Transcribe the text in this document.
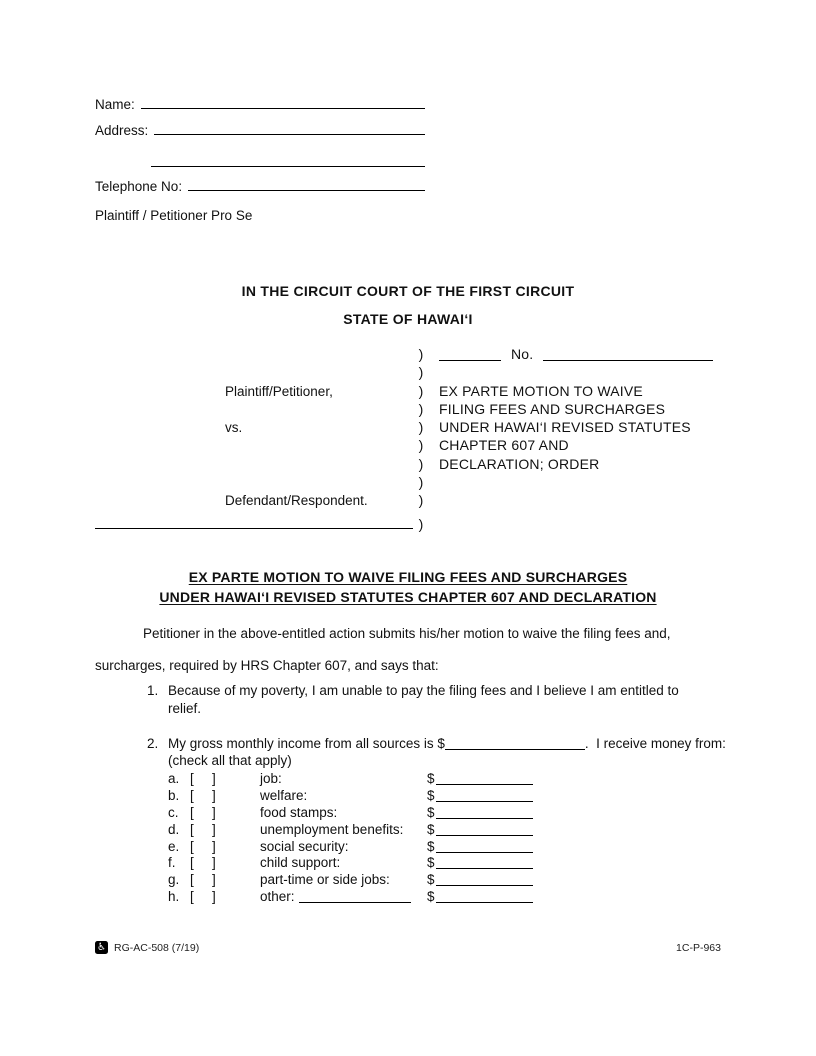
Name:
Address:
Telephone No:
Plaintiff / Petitioner Pro Se
IN THE CIRCUIT COURT OF THE FIRST CIRCUIT
STATE OF HAWAI‘I
)	No.
)
Plaintiff/Petitioner,	)	EX PARTE MOTION TO WAIVE
)	FILING FEES AND SURCHARGES
vs.	)	UNDER HAWAI‘I REVISED STATUTES
)	CHAPTER 607 AND
)	DECLARATION; ORDER
)
Defendant/Respondent.	)
)
EX PARTE MOTION TO WAIVE FILING FEES AND SURCHARGES
UNDER HAWAI‘I REVISED STATUTES CHAPTER 607 AND DECLARATION
Petitioner in the above-entitled action submits his/her motion to waive the filing fees and,
surcharges, required by HRS Chapter 607, and says that:
1. Because of my poverty, I am unable to pay the filing fees and I believe I am entitled to
relief.
2. My gross monthly income from all sources is $	.  I receive money from:
(check all that apply)
a. [ ]	job:	$
b. [ ]	welfare:	$
c. [ ]	food stamps:	$
d. [ ]	unemployment benefits:	$
e. [ ]	social security:	$
f.	[ ]	child support:	$
g. [ ]	part-time or side jobs:	$
h. [ ]	other:	$
♿ RG-AC-508 (7/19)	1C-P-963
